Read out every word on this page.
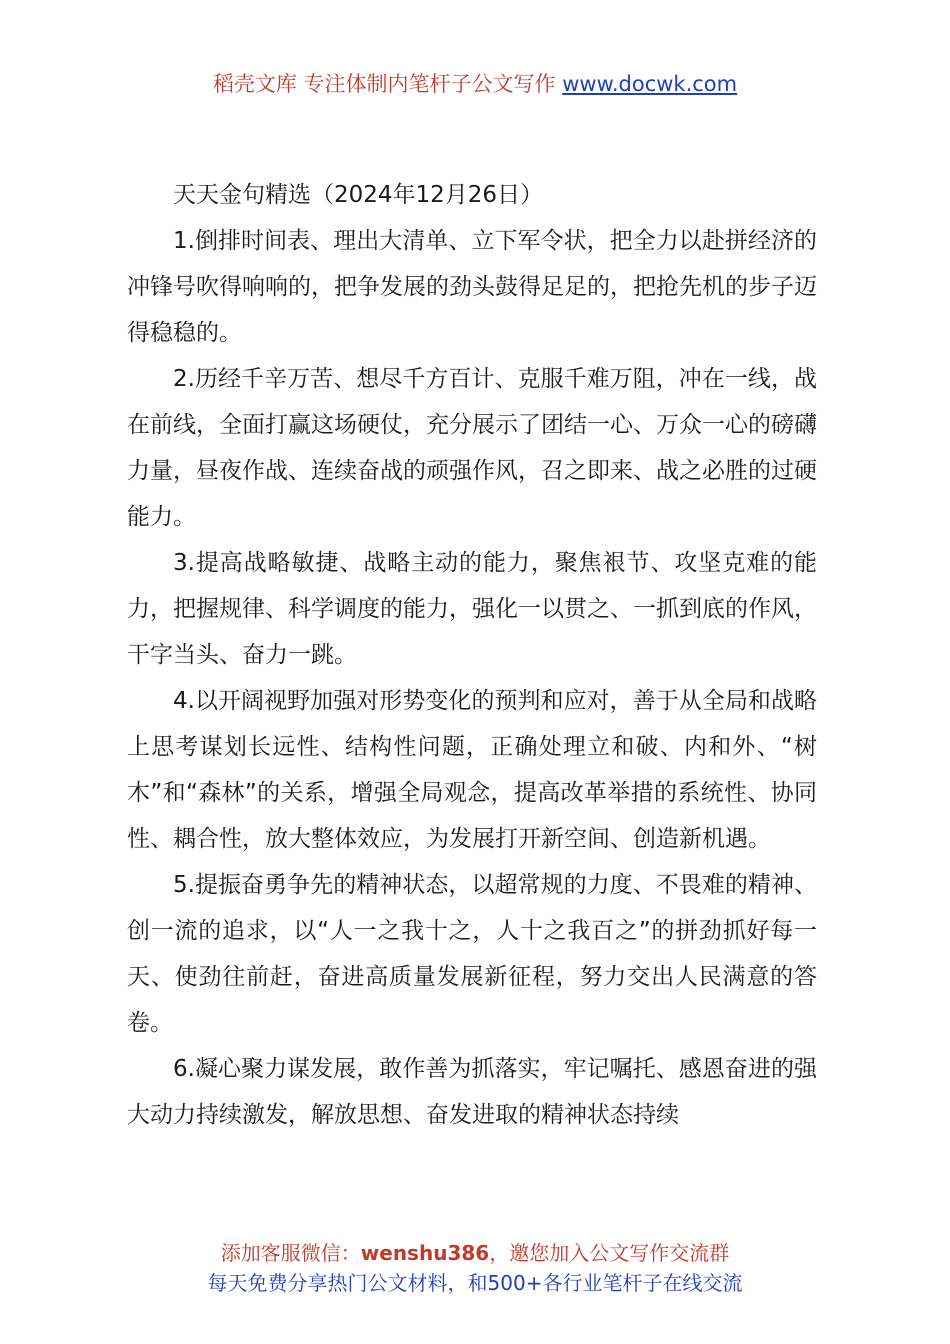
稻壳文库 专注体制内笔杆子公文写作 www.docwk.com

天天金句精选（2024年12月26日）

1.倒排时间表、理出大清单、立下军令状，把全力以赴拼经济的冲锋号吹得响响的，把争发展的劲头鼓得足足的，把抢先机的步子迈得稳稳的。

2.历经千辛万苦、想尽千方百计、克服千难万阻，冲在一线，战在前线，全面打赢这场硬仗，充分展示了团结一心、万众一心的磅礴力量，昼夜作战、连续奋战的顽强作风，召之即来、战之必胜的过硬能力。

3.提高战略敏捷、战略主动的能力，聚焦裉节、攻坚克难的能力，把握规律、科学调度的能力，强化一以贯之、一抓到底的作风，干字当头、奋力一跳。

4.以开阔视野加强对形势变化的预判和应对，善于从全局和战略上思考谋划长远性、结构性问题，正确处理立和破、内和外、“树木”和“森林”的关系，增强全局观念，提高改革举措的系统性、协同性、耦合性，放大整体效应，为发展打开新空间、创造新机遇。

5.提振奋勇争先的精神状态，以超常规的力度、不畏难的精神、创一流的追求，以“人一之我十之，人十之我百之”的拼劲抓好每一天、使劲往前赶，奋进高质量发展新征程，努力交出人民满意的答卷。

6.凝心聚力谋发展，敢作善为抓落实，牢记嘱托、感恩奋进的强大动力持续激发，解放思想、奋发进取的精神状态持续

添加客服微信：wenshu386，邀您加入公文写作交流群
每天免费分享热门公文材料，和500+各行业笔杆子在线交流
